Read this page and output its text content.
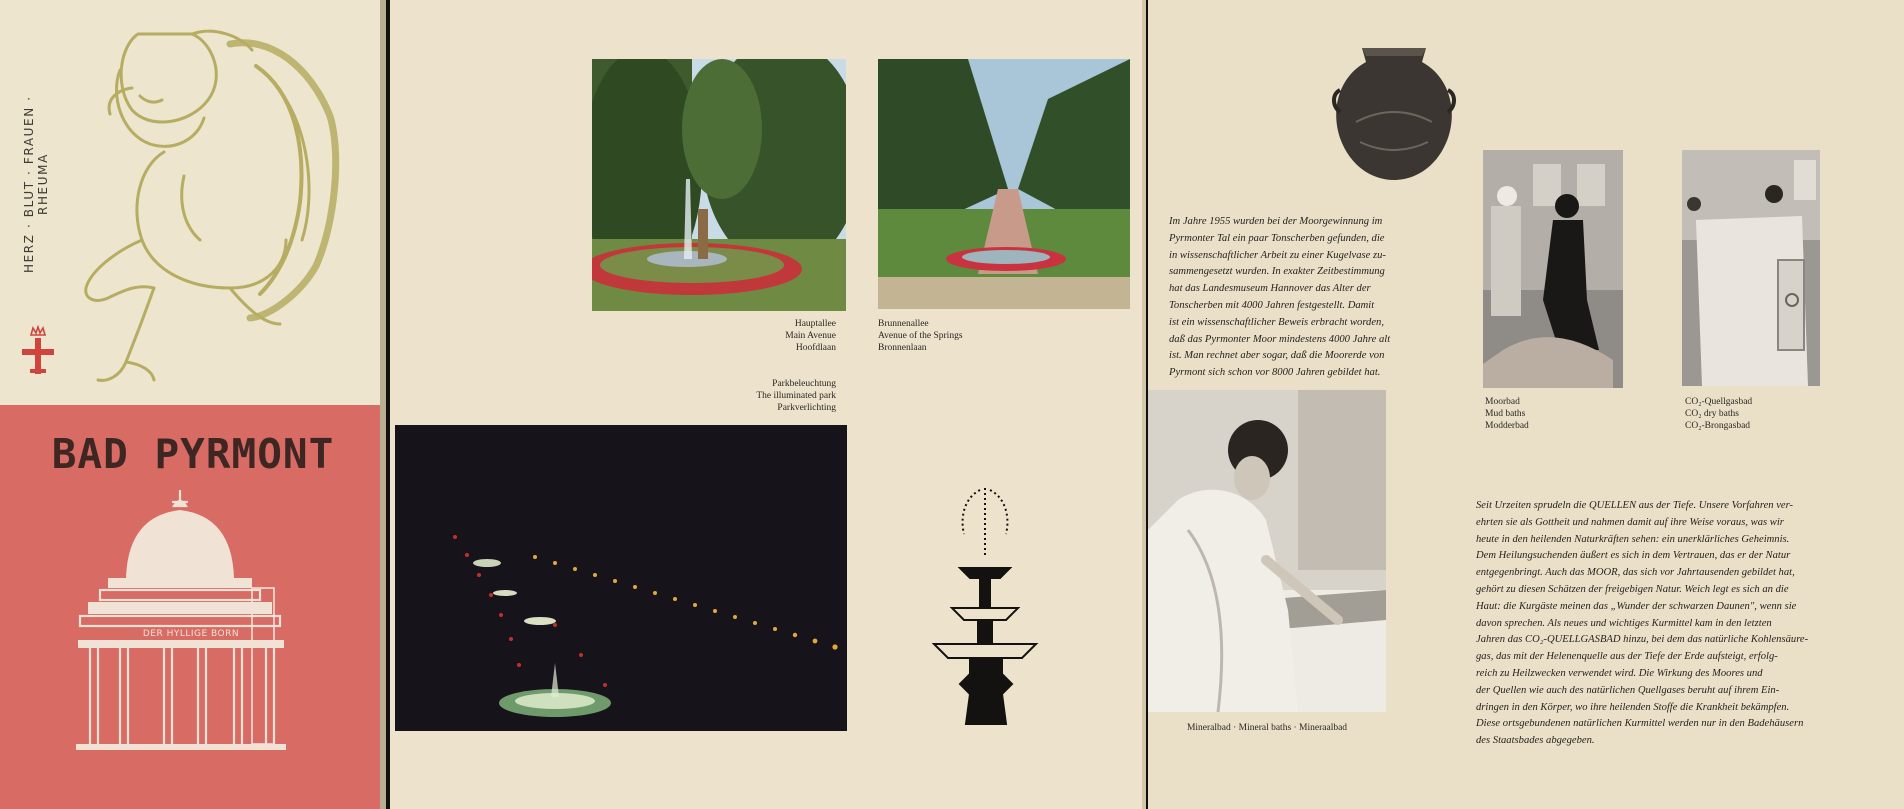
HERZ · BLUT · FRAUEN · RHEUMA
BAD PYRMONT
DER HYLLIGE BORN
Hauptallee
Main Avenue
Hoofdlaan
Brunnenallee
Avenue of the Springs
Bronnenlaan
Parkbeleuchtung
The illuminated park
Parkverlichting
Im Jahre 1955 wurden bei der Moorgewinnung im
Pyrmonter Tal ein paar Tonscherben gefunden, die
in wissenschaftlicher Arbeit zu einer Kugelvase zu-
sammengesetzt wurden. In exakter Zeitbestimmung
hat das Landesmuseum Hannover das Alter der
Tonscherben mit 4000 Jahren festgestellt. Damit
ist ein wissenschaftlicher Beweis erbracht worden,
daß das Pyrmonter Moor mindestens 4000 Jahre alt
ist. Man rechnet aber sogar, daß die Moorerde von
Pyrmont sich schon vor 8000 Jahren gebildet hat.
Moorbad
Mud baths
Modderbad
CO₂-Quellgasbad
CO₂ dry baths
CO₂-Brongasbad
Mineralbad · Mineral baths · Mineraalbad
Seit Urzeiten sprudeln die QUELLEN aus der Tiefe. Unsere Vorfahren ver-
ehrten sie als Gottheit und nahmen damit auf ihre Weise voraus, was wir
heute in den heilenden Naturkräften sehen: ein unerklärliches Geheimnis.
Dem Heilungsuchenden äußert es sich in dem Vertrauen, das er der Natur
entgegenbringt. Auch das MOOR, das sich vor Jahrtausenden gebildet hat,
gehört zu diesen Schätzen der freigebigen Natur. Weich legt es sich an die
Haut: die Kurgäste meinen das „Wunder der schwarzen Daunen", wenn sie
davon sprechen. Als neues und wichtiges Kurmittel kam in den letzten
Jahren das CO₂-QUELLGASBAD hinzu, bei dem das natürliche Kohlensäure-
gas, das mit der Helenenquelle aus der Tiefe der Erde aufsteigt, erfolg-
reich zu Heilzwecken verwendet wird. Die Wirkung des Moores und
der Quellen wie auch des natürlichen Quellgases beruht auf ihrem Ein-
dringen in den Körper, wo ihre heilenden Stoffe die Krankheit bekämpfen.
Diese ortsgebundenen natürlichen Kurmittel werden nur in den Badehäusern
des Staatsbades abgegeben.
